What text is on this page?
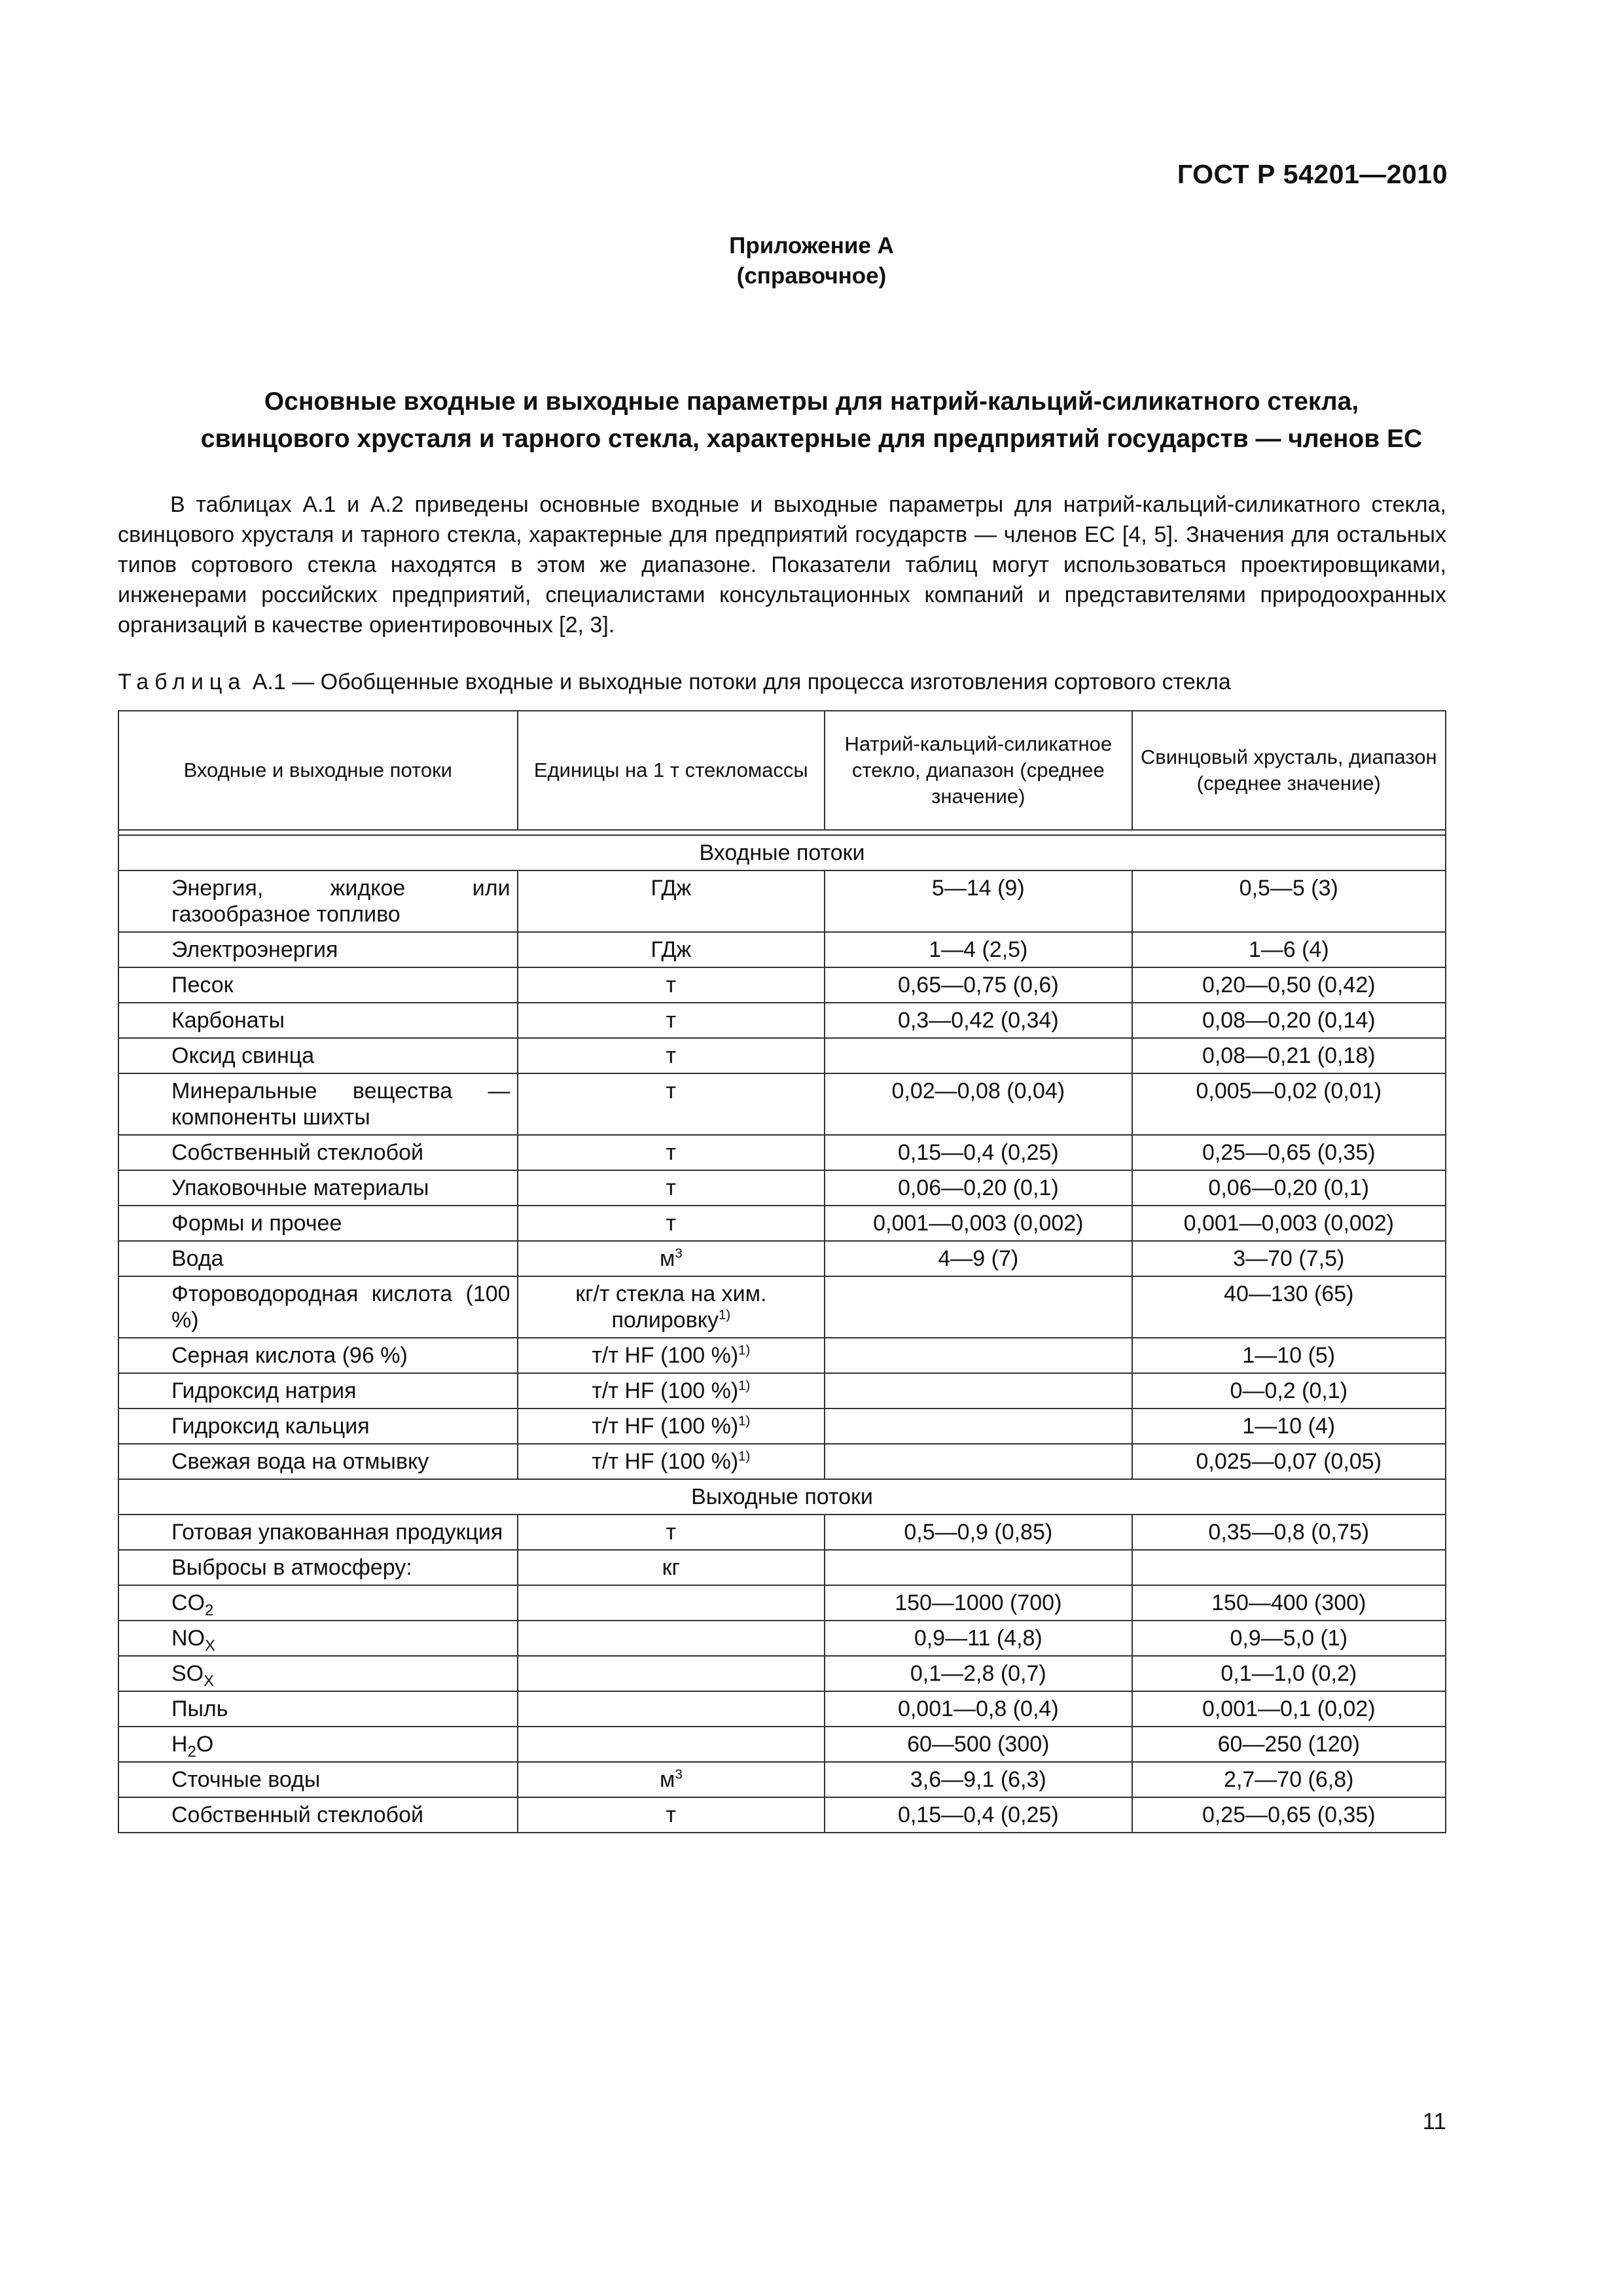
ГОСТ Р 54201—2010
Приложение А
(справочное)
Основные входные и выходные параметры для натрий-кальций-силикатного стекла,
свинцового хрусталя и тарного стекла, характерные для предприятий государств — членов ЕС

В таблицах А.1 и А.2 приведены основные входные и выходные параметры для натрий-кальций-силикатного стекла, свинцового хрусталя и тарного стекла, характерные для предприятий государств — членов ЕС [4, 5]. Значения для остальных типов сортового стекла находятся в этом же диапазоне. Показатели таблиц могут использоваться проектировщиками, инженерами российских предприятий, специалистами консультационных компаний и представителями природоохранных организаций в качестве ориентировочных [2, 3].

Таблица А.1 — Обобщенные входные и выходные потоки для процесса изготовления сортового стекла
Входные и выходные потоки	Единицы на 1 т стекломассы	Натрий-кальций-силикатное стекло, диапазон (среднее значение)	Свинцовый хрусталь, диапазон (среднее значение)

Входные потоки			
Энергия, жидкое или газообразное топливо	ГДж	5—14 (9)	0,5—5 (3)
Электроэнергия	ГДж	1—4 (2,5)	1—6 (4)
Песок	т	0,65—0,75 (0,6)	0,20—0,50 (0,42)
Карбонаты	т	0,3—0,42 (0,34)	0,08—0,20 (0,14)
Оксид свинца	т		0,08—0,21 (0,18)
Минеральные вещества — компоненты шихты	т	0,02—0,08 (0,04)	0,005—0,02 (0,01)
Собственный стеклобой	т	0,15—0,4 (0,25)	0,25—0,65 (0,35)
Упаковочные материалы	т	0,06—0,20 (0,1)	0,06—0,20 (0,1)
Формы и прочее	т	0,001—0,003 (0,002)	0,001—0,003 (0,002)
Вода	$м^3$	4—9 (7)	3—70 (7,5)
Фтороводородная кислота (100 %)	кг/т стекла на хим. полировку$^{1)}$		40—130 (65)
Серная кислота (96 %)	т/т HF (100 %)$^{1)}$		1—10 (5)
Гидроксид натрия	т/т HF (100 %)$^{1)}$		0—0,2 (0,1)
Гидроксид кальция	т/т HF (100 %)$^{1)}$		1—10 (4)
Свежая вода на отмывку	т/т HF (100 %)$^{1)}$		0,025—0,07 (0,05)
Выходные потоки			
Готовая упакованная продукция	т	0,5—0,9 (0,85)	0,35—0,8 (0,75)
Выбросы в атмосферу:	кг		
$CO_2$		150—1000 (700)	150—400 (300)
$NO_X$		0,9—11 (4,8)	0,9—5,0 (1)
$SO_X$		0,1—2,8 (0,7)	0,1—1,0 (0,2)
Пыль		0,001—0,8 (0,4)	0,001—0,1 (0,02)
$H_2O$		60—500 (300)	60—250 (120)
Сточные воды	$м^3$	3,6—9,1 (6,3)	2,7—70 (6,8)
Собственный стеклобой	т	0,15—0,4 (0,25)	0,25—0,65 (0,35)
11
